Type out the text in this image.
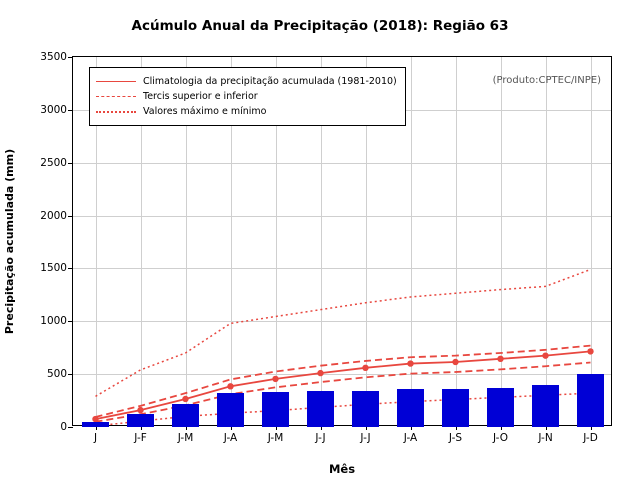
Acúmulo Anual da Precipitação (2018): Região 63
Precipitação acumulada (mm)
Climatologia da precipitação acumulada (1981-2010)
Tercis superior e inferior
Valores máximo e mínimo
(Produto:CPTEC/INPE)
0
500
1000
1500
2000
2500
3000
3500
J	J-F	J-M	J-A	J-M	J-J	J-J	J-A	J-S	J-O	J-N	J-D
Mês
